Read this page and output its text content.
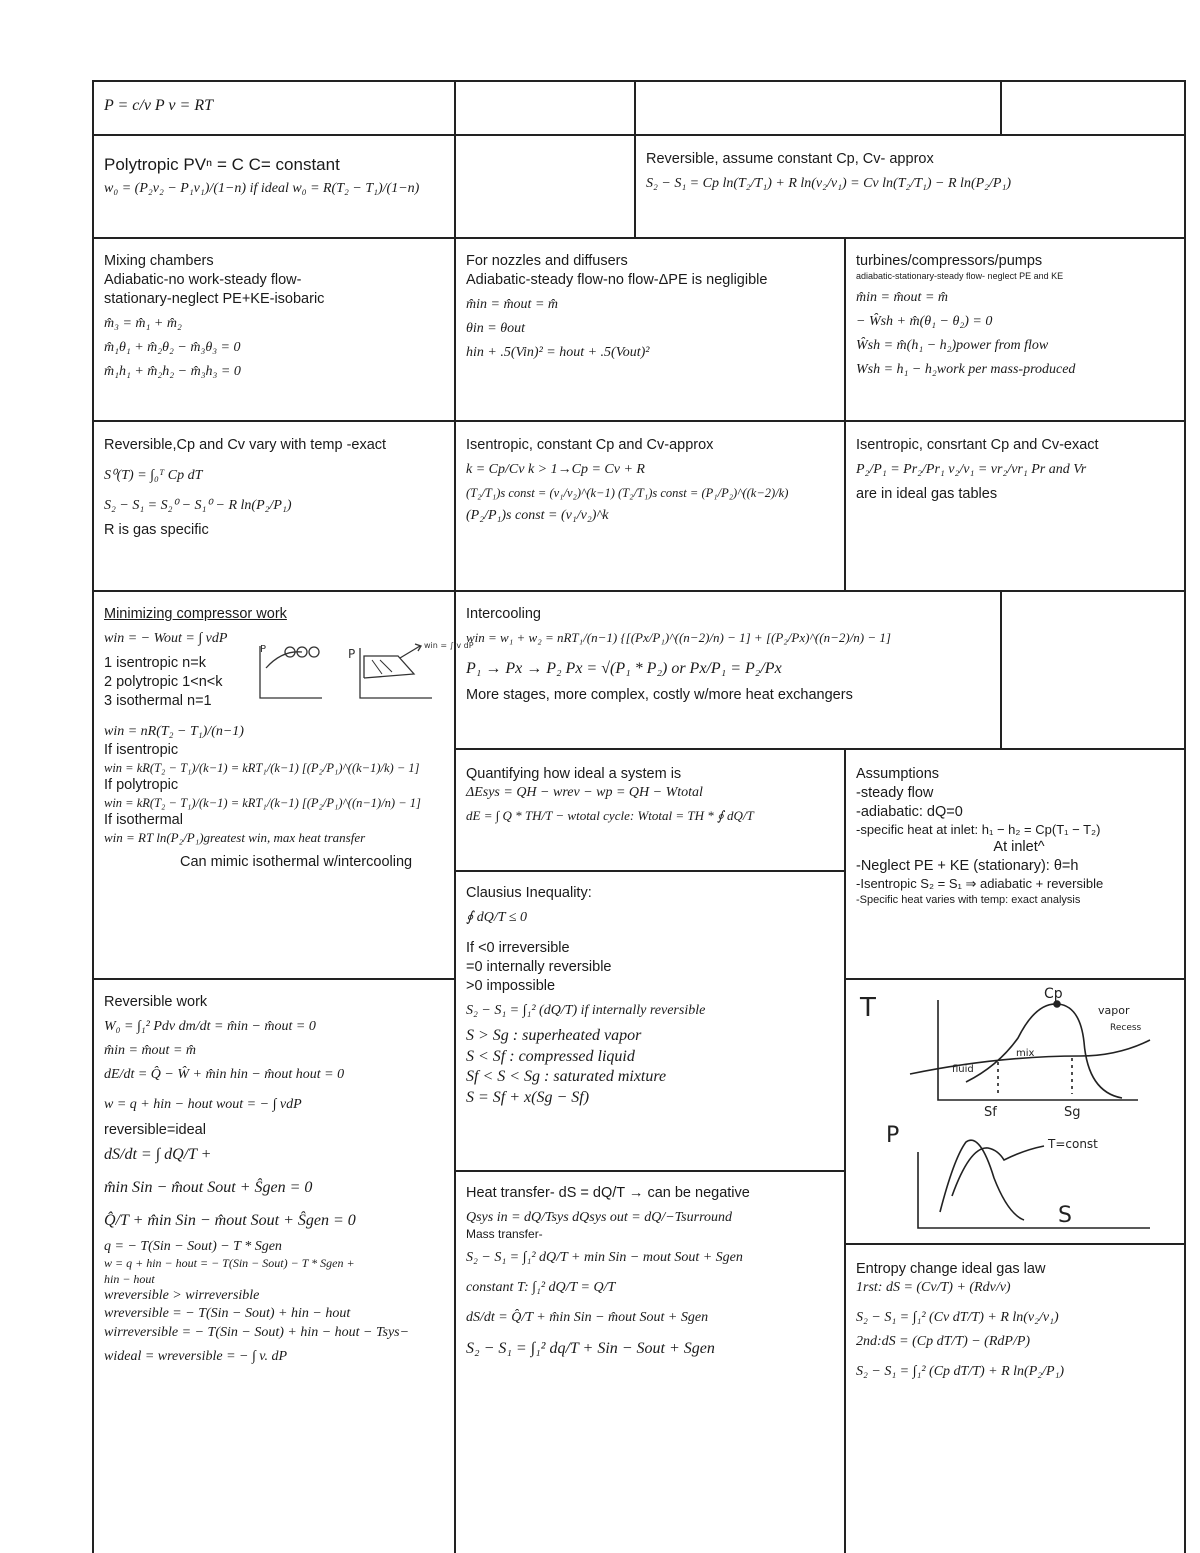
P = c/v P v = RT
Polytropic PVⁿ = C C= constant
w₀ = (P₂v₂ − P₁v₁)/(1−n) if ideal w₀ = R(T₂ − T₁)/(1−n)
Reversible, assume constant Cp, Cv- approx
S₂ − S₁ = Cp ln(T₂/T₁) + R ln(v₂/v₁) = Cv ln(T₂/T₁) − R ln(P₂/P₁)
Mixing chambers
Adiabatic-no work-steady flow-
stationary-neglect PE+KE-isobaric
m̂₃ = m̂₁ + m̂₂
m̂₁θ₁ + m̂₂θ₂ − m̂₃θ₃ = 0
m̂₁h₁ + m̂₂h₂ − m̂₃h₃ = 0
For nozzles and diffusers
Adiabatic-steady flow-no flow-ΔPE is negligible
m̂in = m̂out = m̂
θin = θout
hin + .5(Vin)² = hout + .5(Vout)²
turbines/compressors/pumps
adiabatic-stationary-steady flow- neglect PE and KE
m̂in = m̂out = m̂
− Ŵsh + m̂(θ₁ − θ₂) = 0
Ŵsh = m̂(h₁ − h₂)power from flow
Wsh = h₁ − h₂work per mass-produced
Reversible,Cp and Cv vary with temp -exact
S⁰(T) = ∫₀ᵀ Cp dT
S₂ − S₁ = S₂⁰ − S₁⁰ − R ln(P₂/P₁)
R is gas specific
Isentropic, constant Cp and Cv-approx
k = Cp/Cv k > 1→Cp = Cv + R
(T₂/T₁)s const = (v₁/v₂)^(k−1) (T₂/T₁)s const = (P₁/P₂)^((k−2)/k)
(P₂/P₁)s const = (v₁/v₂)^k
Isentropic, consrtant Cp and Cv-exact
P₂/P₁ = Pr₂/Pr₁ v₂/v₁ = vr₂/vr₁ Pr and Vr
are in ideal gas tables
Minimizing compressor work
win = − Wout = ∫ vdP
1 isentropic n=k
2 polytropic 1<n<k
3 isothermal n=1
win = nR(T₂ − T₁)/(n−1)
If isentropic
win = kR(T₂ − T₁)/(k−1) = kRT₁/(k−1) [(P₂/P₁)^((k−1)/k) − 1]
If polytropic
win = kR(T₂ − T₁)/(k−1) = kRT₁/(k−1) [(P₂/P₁)^((n−1)/n) − 1]
If isothermal
win = RT ln(P₂/P₁)greatest win, max heat transfer
Can mimic isothermal w/intercooling
P	P
win = ∫ v dP
Intercooling
win = w₁ + w₂ = nRT₁/(n−1) {[(Px/P₁)^((n−2)/n) − 1] + [(P₂/Px)^((n−2)/n) − 1]
P₁ → Px → P₂ Px = √(P₁ * P₂) or Px/P₁ = P₂/Px
More stages, more complex, costly w/more heat exchangers
Quantifying how ideal a system is
ΔEsys = QH − wrev − wp = QH − Wtotal
dE = ∫ Q * TH/T − wtotal cycle: Wtotal = TH * ∮ dQ/T
Assumptions
-steady flow
-adiabatic: dQ=0
-specific heat at inlet: h₁ − h₂ = Cp(T₁ − T₂)
At inlet^
-Neglect PE + KE (stationary): θ=h
-Isentropic S₂ = S₁ ⇒ adiabatic + reversible
-Specific heat varies with temp: exact analysis
Clausius Inequality:
∮ dQ/T ≤ 0
If <0 irreversible
=0 internally reversible
>0 impossible
S₂ − S₁ = ∫₁² (dQ/T) if internally reversible
S > Sg : superheated vapor
S < Sf : compressed liquid
Sf < S < Sg : saturated mixture
S = Sf + x(Sg − Sf)
Reversible work
W₀ = ∫₁² Pdv dm/dt = m̂in − m̂out = 0
m̂in = m̂out = m̂
dE/dt = Q̂ − Ŵ + m̂in hin − m̂out hout = 0
w = q + hin − hout wout = − ∫ vdP
reversible=ideal
dS/dt = ∫ dQ/T +
m̂in Sin − m̂out Sout + Ŝgen = 0
Q̂/T + m̂in Sin − m̂out Sout + Ŝgen = 0
q = − T(Sin − Sout) − T * Sgen
w = q + hin − hout = − T(Sin − Sout) − T * Sgen +
hin − hout
wreversible > wirreversible
wreversible = − T(Sin − Sout) + hin − hout
wirreversible = − T(Sin − Sout) + hin − hout − Tsys−
wideal = wreversible = − ∫ v. dP
Heat transfer- dS = dQ/T → can be negative
Qsys in = dQ/Tsys dQsys out = dQ/−Tsurround
Mass transfer-
S₂ − S₁ = ∫₁² dQ/T + min Sin − mout Sout + Sgen
constant T: ∫₁² dQ/T = Q/T
dS/dt = Q̂/T + m̂in Sin − m̂out Sout + Sgen
S₂ − S₁ = ∫₁² dq/T + Sin − Sout + Sgen
T	Cp
vapor
Recess
fluid
mix
Sf	Sg
P	T=const
S
Entropy change ideal gas law
1rst: dS = (Cv/T) + (Rdv/v)
S₂ − S₁ = ∫₁² (Cv dT/T) + R ln(v₂/v₁)
2nd:dS = (Cp dT/T) − (RdP/P)
S₂ − S₁ = ∫₁² (Cp dT/T) + R ln(P₂/P₁)
